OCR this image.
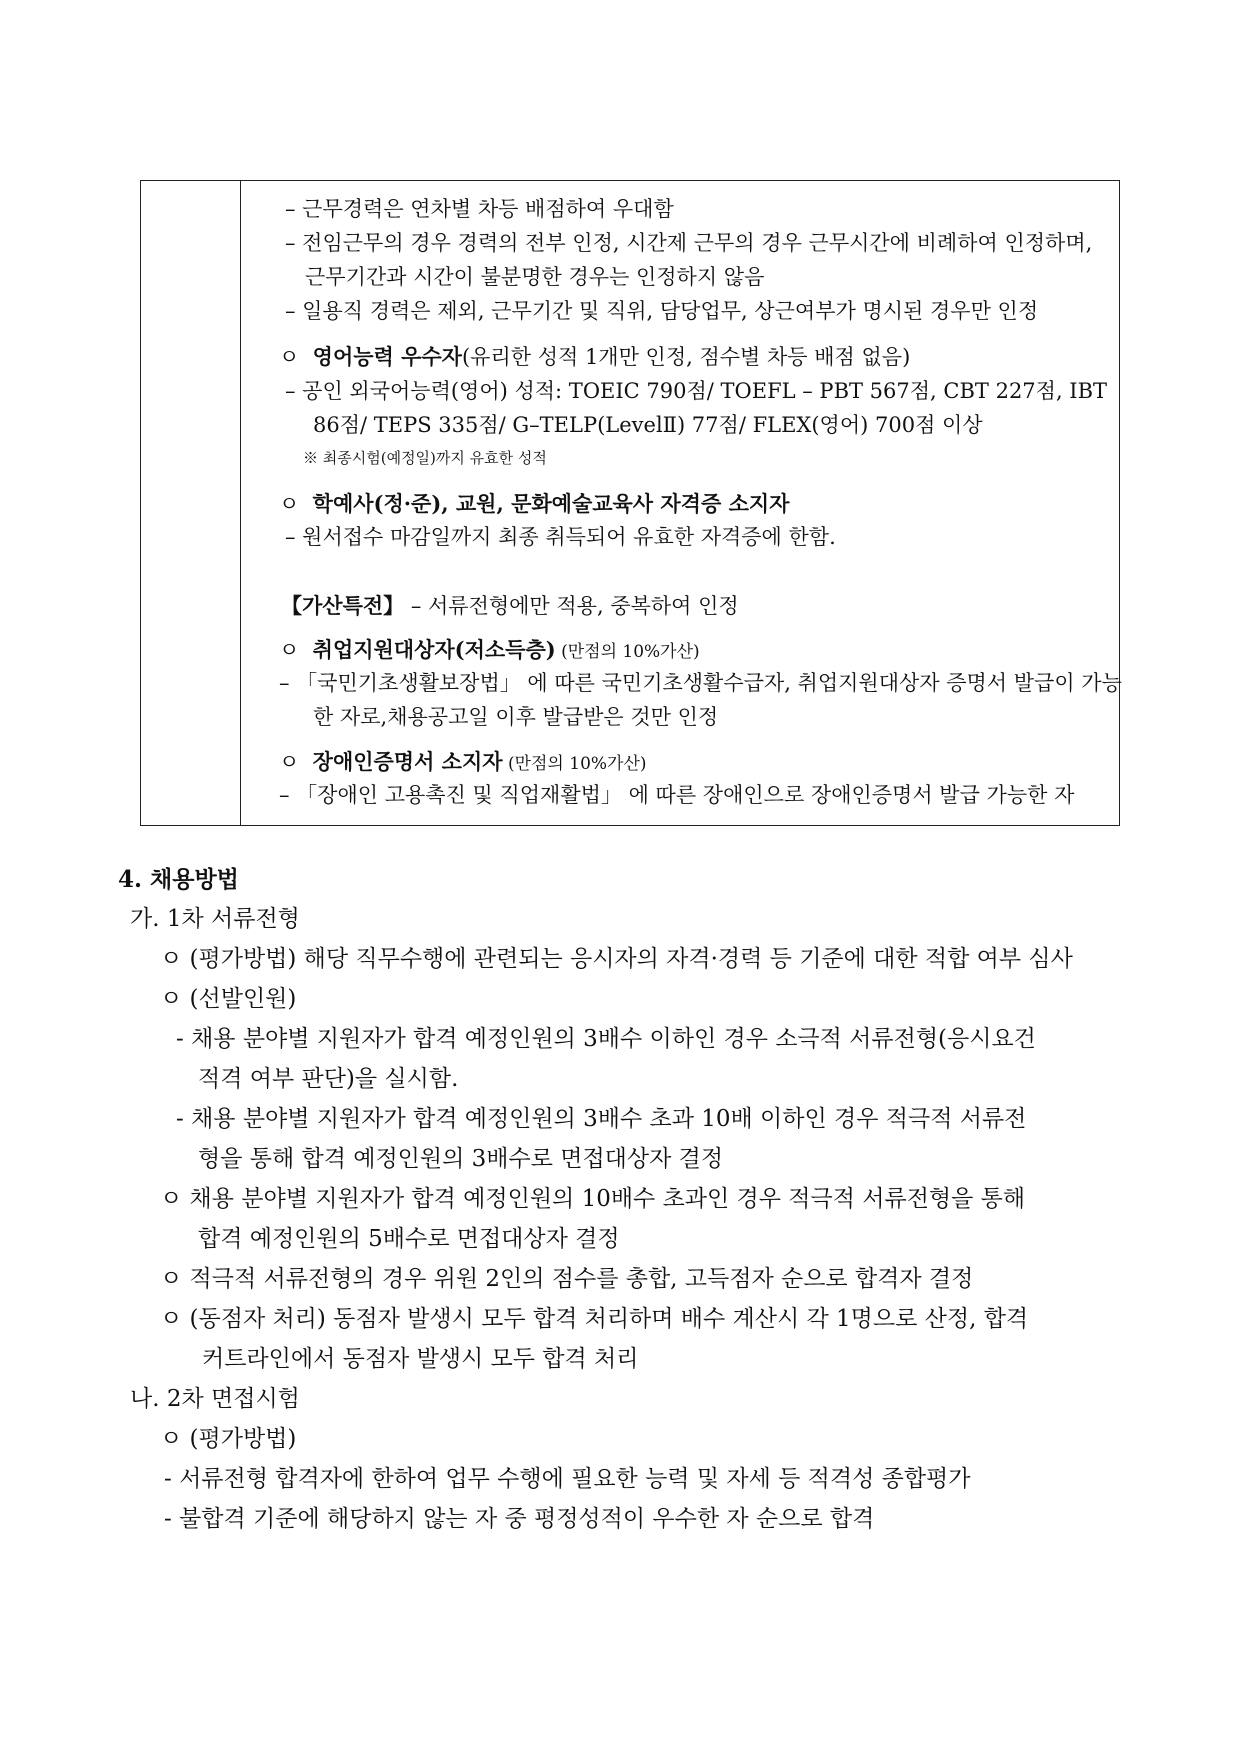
– 근무경력은 연차별 차등 배점하여 우대함
– 전임근무의 경우 경력의 전부 인정, 시간제 근무의 경우 근무시간에 비례하여 인정하며,
근무기간과 시간이 불분명한 경우는 인정하지 않음
– 일용직 경력은 제외, 근무기간 및 직위, 담당업무, 상근여부가 명시된 경우만 인정
ㅇ 영어능력 우수자(유리한 성적 1개만 인정, 점수별 차등 배점 없음)
– 공인 외국어능력(영어) 성적: TOEIC 790점/ TOEFL – PBT 567점, CBT 227점, IBT
86점/ TEPS 335점/ G–TELP(LevelⅡ) 77점/ FLEX(영어) 700점 이상
※ 최종시험(예정일)까지 유효한 성적
ㅇ 학예사(정·준), 교원, 문화예술교육사 자격증 소지자
– 원서접수 마감일까지 최종 취득되어 유효한 자격증에 한함.
【가산특전】 – 서류전형에만 적용, 중복하여 인정
ㅇ 취업지원대상자(저소득층) (만점의 10%가산)
– 「국민기초생활보장법」 에 따른 국민기초생활수급자, 취업지원대상자 증명서 발급이 가능
한 자로,채용공고일 이후 발급받은 것만 인정
ㅇ 장애인증명서 소지자 (만점의 10%가산)
– 「장애인 고용촉진 및 직업재활법」 에 따른 장애인으로 장애인증명서 발급 가능한 자
4. 채용방법
가. 1차 서류전형
ㅇ (평가방법) 해당 직무수행에 관련되는 응시자의 자격·경력 등 기준에 대한 적합 여부 심사
ㅇ (선발인원)
- 채용 분야별 지원자가 합격 예정인원의 3배수 이하인 경우 소극적 서류전형(응시요건
적격 여부 판단)을 실시함.
- 채용 분야별 지원자가 합격 예정인원의 3배수 초과 10배 이하인 경우 적극적 서류전
형을 통해 합격 예정인원의 3배수로 면접대상자 결정
ㅇ 채용 분야별 지원자가 합격 예정인원의 10배수 초과인 경우 적극적 서류전형을 통해
합격 예정인원의 5배수로 면접대상자 결정
ㅇ 적극적 서류전형의 경우 위원 2인의 점수를 총합, 고득점자 순으로 합격자 결정
ㅇ (동점자 처리) 동점자 발생시 모두 합격 처리하며 배수 계산시 각 1명으로 산정, 합격
커트라인에서 동점자 발생시 모두 합격 처리
나. 2차 면접시험
ㅇ (평가방법)
- 서류전형 합격자에 한하여 업무 수행에 필요한 능력 및 자세 등 적격성 종합평가
- 불합격 기준에 해당하지 않는 자 중 평정성적이 우수한 자 순으로 합격
